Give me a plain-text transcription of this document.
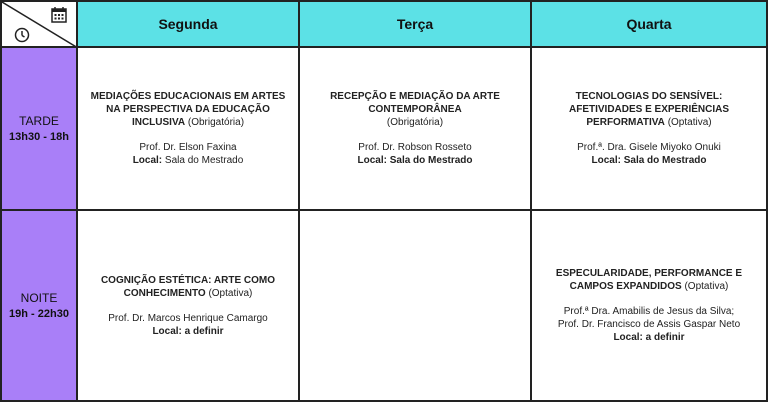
Segunda	Terça	Quarta
TARDE
13h30 - 18h
MEDIAÇÕES EDUCACIONAIS EM ARTES NA PERSPECTIVA DA EDUCAÇÃO INCLUSIVA (Obrigatória)
Prof. Dr. Elson Faxina
Local: Sala do Mestrado
RECEPÇÃO E MEDIAÇÃO DA ARTE CONTEMPORÂNEA
(Obrigatória)
Prof. Dr. Robson Rosseto
Local: Sala do Mestrado
TECNOLOGIAS DO SENSÍVEL: AFETIVIDADES E EXPERIÊNCIAS PERFORMATIVA (Optativa)
Prof.ª. Dra. Gisele Miyoko Onuki
Local: Sala do Mestrado
NOITE
19h - 22h30
COGNIÇÃO ESTÉTICA: ARTE COMO CONHECIMENTO (Optativa)
Prof. Dr. Marcos Henrique Camargo
Local: a definir
ESPECULARIDADE, PERFORMANCE E CAMPOS EXPANDIDOS (Optativa)
Prof.ª Dra. Amabilis de Jesus da Silva;
Prof. Dr. Francisco de Assis Gaspar Neto
Local: a definir
